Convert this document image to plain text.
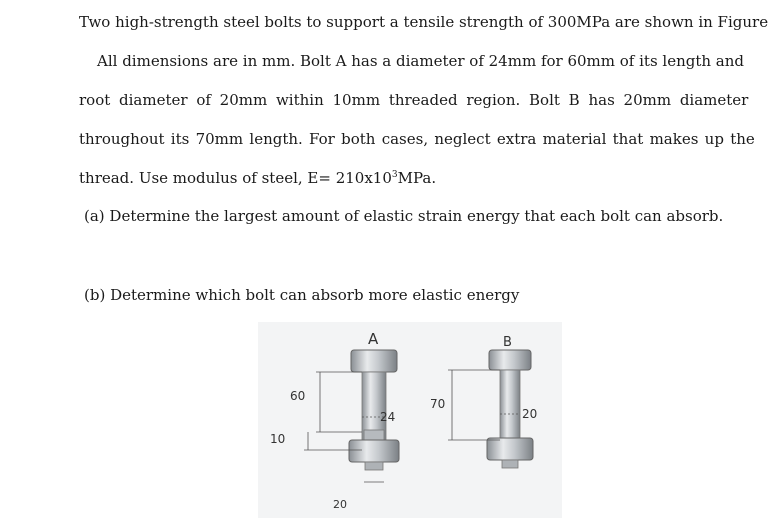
Two high-strength steel bolts to support a tensile strength of 300MPa are shown in Figure
All dimensions are in mm. Bolt A has a diameter of 24mm for 60mm of its length and
root diameter of 20mm within 10mm threaded region. Bolt B has 20mm diameter
throughout its 70mm length. For both cases, neglect extra material that makes up the
thread. Use modulus of steel, $E= 210x10^3MPa$.
(a) Determine the largest amount of elastic strain energy that each bolt can absorb.
(b) Determine which bolt can absorb more elastic energy
A	B
60
10
24
70
20
20
